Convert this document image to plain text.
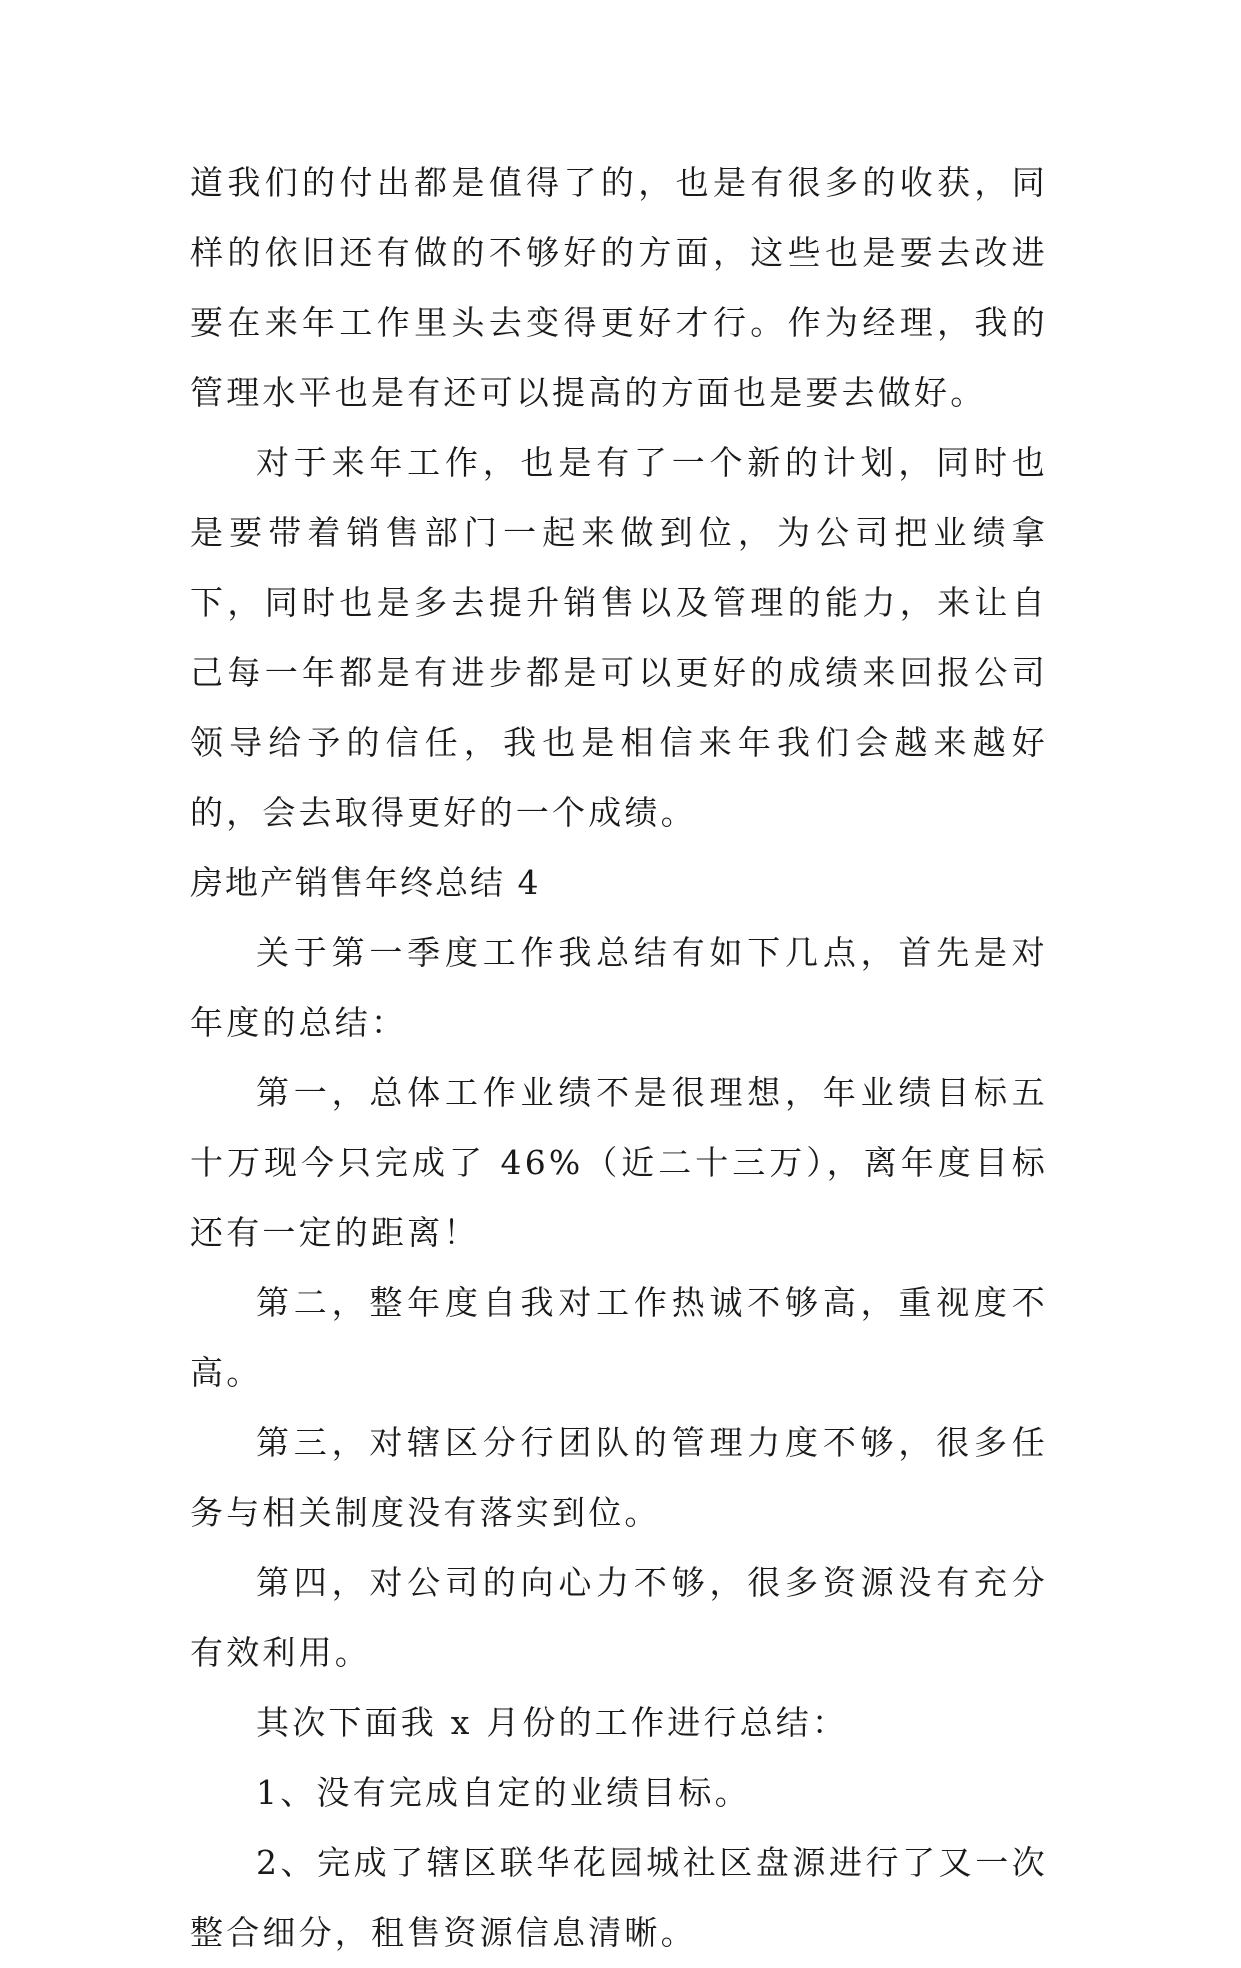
道我们的付出都是值得了的，也是有很多的收获，同样的依旧还有做的不够好的方面，这些也是要去改进要在来年工作里头去变得更好才行。作为经理，我的管理水平也是有还可以提高的方面也是要去做好。

对于来年工作，也是有了一个新的计划，同时也是要带着销售部门一起来做到位，为公司把业绩拿下，同时也是多去提升销售以及管理的能力，来让自己每一年都是有进步都是可以更好的成绩来回报公司领导给予的信任，我也是相信来年我们会越来越好的，会去取得更好的一个成绩。

房地产销售年终总结 4

关于第一季度工作我总结有如下几点，首先是对年度的总结：

第一，总体工作业绩不是很理想，年业绩目标五十万现今只完成了 46%（近二十三万），离年度目标还有一定的距离！

第二，整年度自我对工作热诚不够高，重视度不高。

第三，对辖区分行团队的管理力度不够，很多任务与相关制度没有落实到位。

第四，对公司的向心力不够，很多资源没有充分有效利用。

其次下面我 x 月份的工作进行总结：

1、没有完成自定的业绩目标。

2、完成了辖区联华花园城社区盘源进行了又一次整合细分，租售资源信息清晰。
